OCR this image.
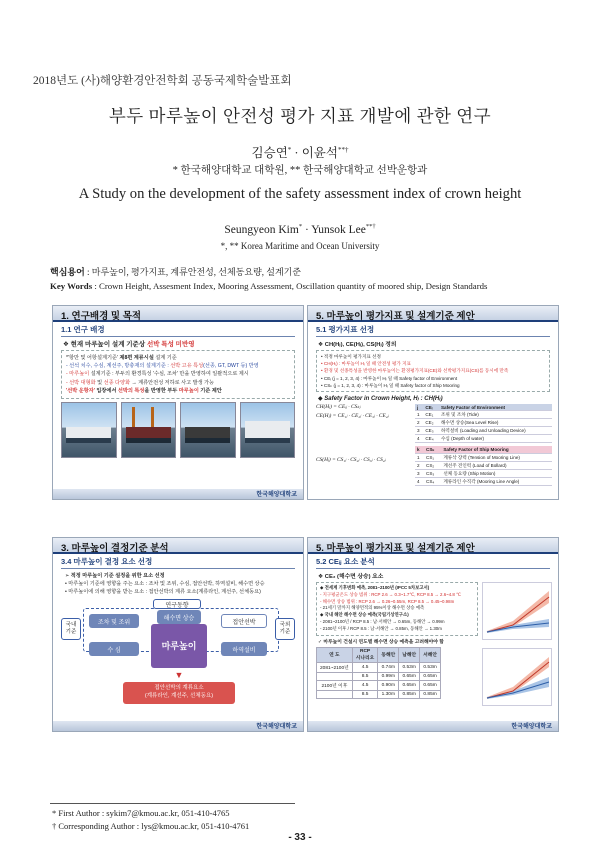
2018년도 (사)해양환경안전학회 공동국제학술발표회
부두 마루높이 안전성 평가 지표 개발에 관한 연구
김승연* · 이윤석**†
* 한국해양대학교 대학원, ** 한국해양대학교 선박운항과
A Study on the development of the safety assessment index of crown height
Seungyeon Kim* · Yunsok Lee**†
*, ** Korea Maritime and Ocean University
핵심용어 : 마루높이, 평가지표, 계류안전성, 선체동요량, 설계기준
Key Words : Crown Height, Assesment Index, Mooring Assessment, Oscillation quantity of moored ship, Design Standards
1. 연구배경 및 목적
1.1 연구 배경
❖ 현재 마루높이 설계 기준상 선박 특성 미반영
*'항만 및 어항설계기준' 제8편 계류시설 설계 기준
- 선석 치수, 수심, 계선주, 방충재의 설계기준 : 선박 고유 특성(선종, GT, DWT 등) 반영
- 마루높이 설계기준 : 부두의 환경특성 '수심, 조차' 만을 반영하여 일괄적으로 제시
- 선박 대형화 및 선종 다양화 → 계류안전성 저하로 사고 발생 가능
'선박 운항자' 입장에서 선박의 특성을 반영한 부두 마루높이 기준 제안
한국해양대학교
5. 마루높이 평가지표 및 설계기준 제안
5.1 평가지표 선정
❖ CH(Hⱼ), CE(Hⱼ), CS(Hⱼ) 정의
• 적정 마루높이 평가지표 선정
• CH(Hⱼ) : 마루높이 Hⱼ 일 때 안전성 평가 지표
• 환경 및 선종특성을 반영한 마루높이는 환경평가지표(CE)와 선박평가지표(CS)를 동시에 만족
• CEᵢ (j = 1, 2, 3, 4) : 마루높이 Hⱼ 일 때 Safety factor of Environment
• CSₖ (j = 1, 2, 3, 4) : 마루높이 Hⱼ 일 때 Safety factor of Ship Mooring
◆ Safety Factor in Crown Height, Hⱼ : CH(Hⱼ)
CH(Hⱼ) = CEᵢⱼ · CSₖⱼ
CE(Hⱼ) = CE₁ⱼ · CE₂ⱼ · CE₃ⱼ · CE₄ⱼ
CS(Hⱼ) = CS₁ⱼ · CS₂ⱼ · CS₃ⱼ · CS₄ⱼ
j	CEᵢ	Safety Factor of Environment
1	CE₁	조위 및 조차 (Tide)
2	CE₂	해수면 상승(Sea Level Rise)
3	CE₃	하역설비 (Loading and Unloading Device)
4	CE₄	수심 (Depth of water)
k	CSₖ	Safety Factor of Ship Mooring
1	CS₁	계류삭 장력 (Tension of Mooring Line)
2	CS₂	계선주 견인력 (Load of Bollard)
3	CS₃	선체 동요량 (Ship Motion)
4	CS₄	계류라인 수직각 (Mooring Line Angle)
3. 마루높이 결정기준 분석
3.4 마루높이 결정 요소 선정
➢ 적정 마루높이 기준 설정을 위한 요소 선정
• 마루높이 기준에 영향을 주는 요소 : 조차 및 조위, 수심, 접안선박, 하역설비, 해수면 상승
• 마루높이에 의해 영향을 받는 요소 : 접안선박의 계류 요소(계류라인, 계선주, 선체동요)
연구동향
국내
기준
국외
기준
조차 및 조위
해수면 상승
접안선박
수 심	하역설비
마루높이
▼
접안선박의 계류요소
(계류라인, 계선주, 선체동요)
한국해양대학교
5. 마루높이 평가지표 및 설계기준 제안
5.2 CEᵢⱼ 요소 분석
❖ CE₂ (해수면 상승) 요소
◆ 전세계 기후변화 예측, 2081~2100년 (IPCC 5차보고서)
- 지구평균온도 상승 범위 : RCP 2.6 → 0.3~1.7℃, RCP 8.5 → 2.6~4.8 ℃
- 해수면 상승 범위 : RCP 2.6 → 0.26~0.55m, RCP 8.5 → 0.45~0.98m
- 21세기 말까지 해양면적의 95%이상 해수면 상승 예측
◆ 국내 해안 해수면 상승 예측(국립기상연구소)
- 2081~2100년 / RCP 8.5 : 남·서해안 → 0.65m, 동해안 → 0.99m
- 2100년 이후 / RCP 8.5 : 남·서해안 → 0.85m, 동해안 → 1.30m
✓ 마루높이 건설시 연도별 해수면 상승 예측을 고려해야야 함
연 도	RCP
시나리오	동해안	남해안	서해안
2081~2100년	4.5	0.74m	0.53m	0.53m
	8.5	0.99m	0.65m	0.65m
2100년 이후	4.5	0.90m	0.65m	0.65m
	8.5	1.30m	0.85m	0.85m

한국해양대학교
* First Author : sykim7@kmou.ac.kr, 051-410-4765
† Corresponding Author : lys@kmou.ac.kr, 051-410-4761
- 33 -
